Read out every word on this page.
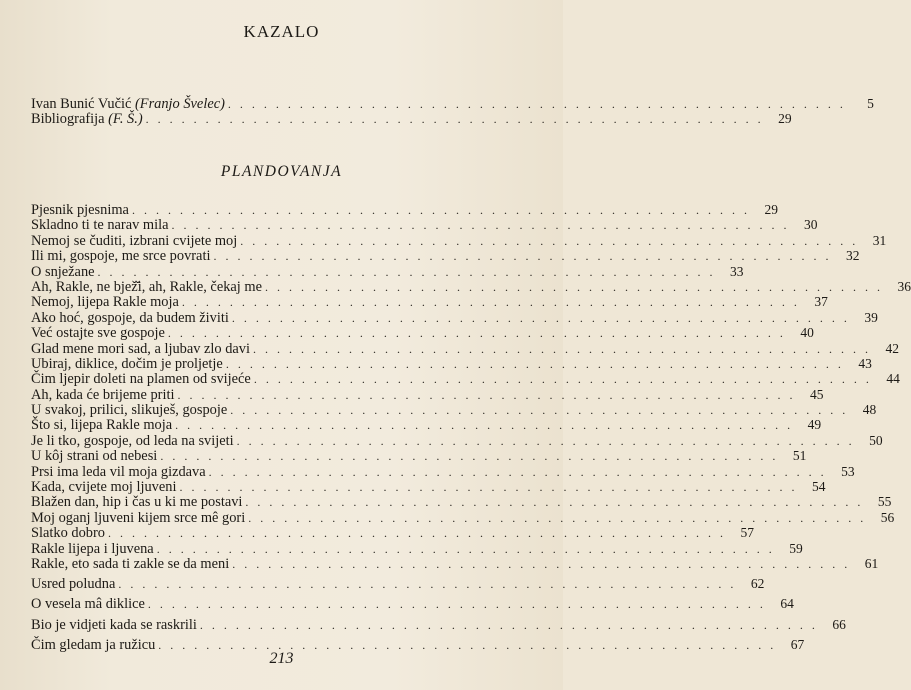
KAZALO
Ivan Bunić Vučić (Franjo Švelec) . . . . . . . . . . . . . . . . . . . . . . . . . . . . . . . . . . . . . . . . . . . . . . . . . . . .	5
Bibliografija (F. Š.) . . . . . . . . . . . . . . . . . . . . . . . . . . . . . . . . . . . . . . . . . . . . . . . . . . . .	29
PLANDOVANJA
Pjesnik pjesnima . . . . . . . . . . . . . . . . . . . . . . . . . . . . . . . . . . . . . . . . . . . . . . . . . . . .	29
Skladno ti te narav mila . . . . . . . . . . . . . . . . . . . . . . . . . . . . . . . . . . . . . . . . . . . . . . . . . . . .	30
Nemoj se čuditi, izbrani cvijete moj . . . . . . . . . . . . . . . . . . . . . . . . . . . . . . . . . . . . . . . . . . . . . . . . . . . .	31
Ili mi, gospoje, me srce povrati . . . . . . . . . . . . . . . . . . . . . . . . . . . . . . . . . . . . . . . . . . . . . . . . . . . .	32
O snježane . . . . . . . . . . . . . . . . . . . . . . . . . . . . . . . . . . . . . . . . . . . . . . . . . . . .	33
Ah, Rakle, ne bjež̌i, ah, Rakle, čekaj me . . . . . . . . . . . . . . . . . . . . . . . . . . . . . . . . . . . . . . . . . . . . . . . . . . . .	36
Nemoj, lijepa Rakle moja . . . . . . . . . . . . . . . . . . . . . . . . . . . . . . . . . . . . . . . . . . . . . . . . . . . .	37
Ako hoć, gospoje, da budem živiti . . . . . . . . . . . . . . . . . . . . . . . . . . . . . . . . . . . . . . . . . . . . . . . . . . . .	39
Već ostajte sve gospoje . . . . . . . . . . . . . . . . . . . . . . . . . . . . . . . . . . . . . . . . . . . . . . . . . . . .	40
Glad mene mori sad, a ljubav zlo davi . . . . . . . . . . . . . . . . . . . . . . . . . . . . . . . . . . . . . . . . . . . . . . . . . . . .	42
Ubiraj, diklice, dočim je proljetje . . . . . . . . . . . . . . . . . . . . . . . . . . . . . . . . . . . . . . . . . . . . . . . . . . . .	43
Čim ljepir doleti na plamen od svijeće . . . . . . . . . . . . . . . . . . . . . . . . . . . . . . . . . . . . . . . . . . . . . . . . . . . .	44
Ah, kada će brijeme priti . . . . . . . . . . . . . . . . . . . . . . . . . . . . . . . . . . . . . . . . . . . . . . . . . . . .	45
U svakoj, prilici, slikuješ, gospoje . . . . . . . . . . . . . . . . . . . . . . . . . . . . . . . . . . . . . . . . . . . . . . . . . . . .	48
Što si, lijepa Rakle moja . . . . . . . . . . . . . . . . . . . . . . . . . . . . . . . . . . . . . . . . . . . . . . . . . . . .	49
Je li tko, gospoje, od leda na svijeti . . . . . . . . . . . . . . . . . . . . . . . . . . . . . . . . . . . . . . . . . . . . . . . . . . . .	50
U kôj strani od nebesi . . . . . . . . . . . . . . . . . . . . . . . . . . . . . . . . . . . . . . . . . . . . . . . . . . . .	51
Prsi ima leda vil moja gizdava . . . . . . . . . . . . . . . . . . . . . . . . . . . . . . . . . . . . . . . . . . . . . . . . . . . .	53
Kada, cvijete moj ljuveni . . . . . . . . . . . . . . . . . . . . . . . . . . . . . . . . . . . . . . . . . . . . . . . . . . . .	54
Blažen dan, hip i čas u ki me postavi . . . . . . . . . . . . . . . . . . . . . . . . . . . . . . . . . . . . . . . . . . . . . . . . . . . .	55
Moj oganj ljuveni kijem srce mê gori . . . . . . . . . . . . . . . . . . . . . . . . . . . . . . . . . . . . . . . . . . . . . . . . . . . .	56
Slatko dobro . . . . . . . . . . . . . . . . . . . . . . . . . . . . . . . . . . . . . . . . . . . . . . . . . . . .	57
Rakle lijepa i ljuvena . . . . . . . . . . . . . . . . . . . . . . . . . . . . . . . . . . . . . . . . . . . . . . . . . . . .	59
Rakle, eto sada ti zakle se da meni . . . . . . . . . . . . . . . . . . . . . . . . . . . . . . . . . . . . . . . . . . . . . . . . . . . .	61
Usred poludna . . . . . . . . . . . . . . . . . . . . . . . . . . . . . . . . . . . . . . . . . . . . . . . . . . . .	62
O vesela mâ diklice . . . . . . . . . . . . . . . . . . . . . . . . . . . . . . . . . . . . . . . . . . . . . . . . . . . .	64
Bio je vidjeti kada se raskrili . . . . . . . . . . . . . . . . . . . . . . . . . . . . . . . . . . . . . . . . . . . . . . . . . . . .	66
Čim gledam ja ružicu . . . . . . . . . . . . . . . . . . . . . . . . . . . . . . . . . . . . . . . . . . . . . . . . . . . .	67
213
